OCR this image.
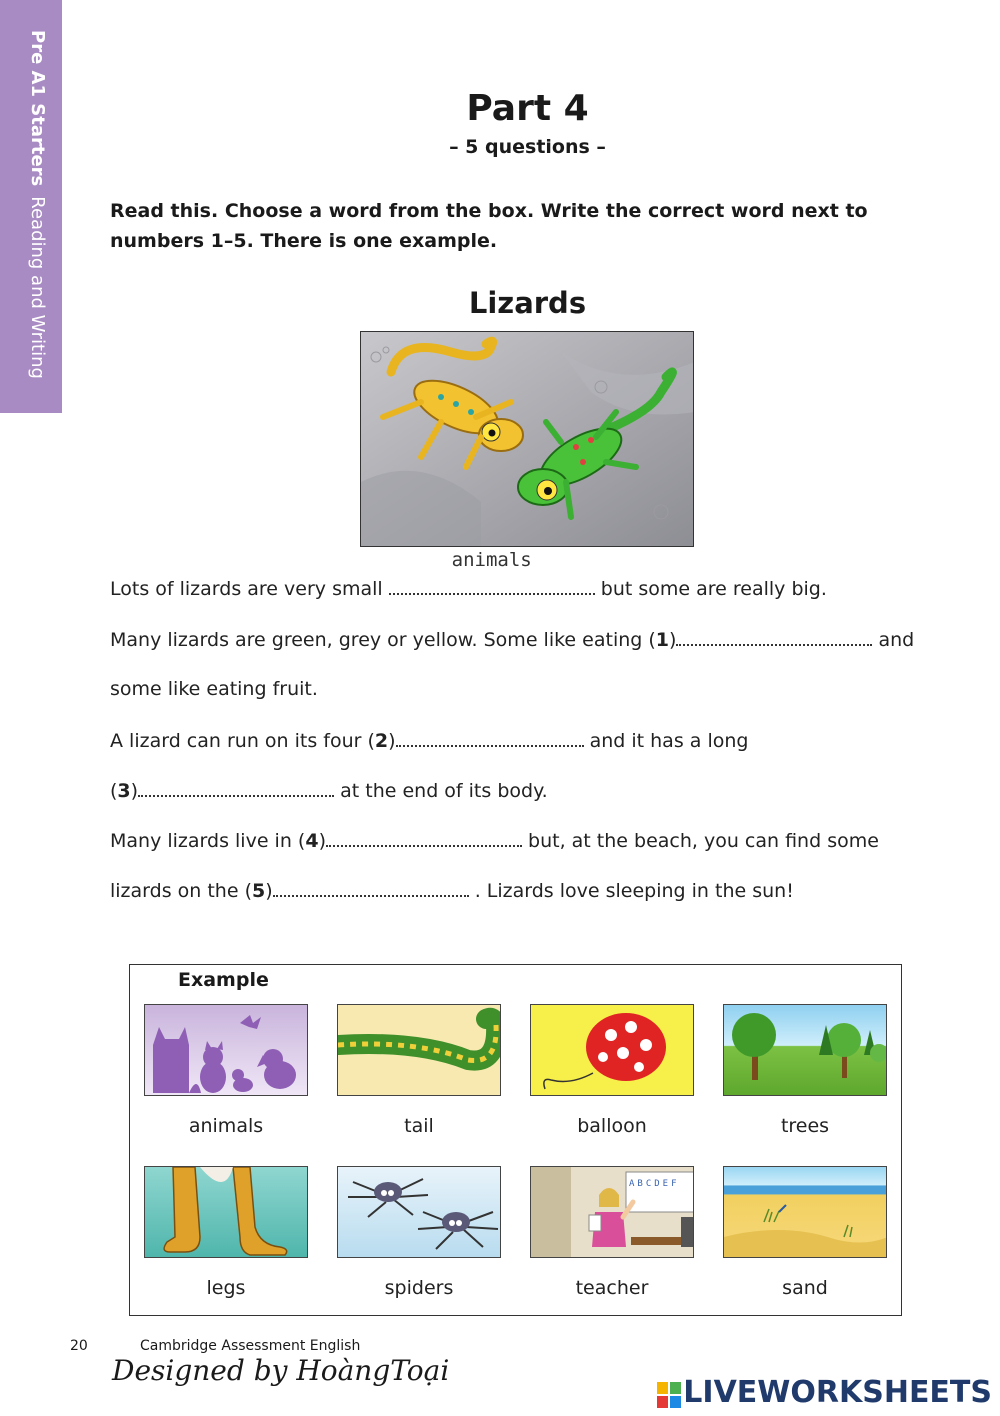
Pre A1 StartersReading and Writing
Part 4
– 5 questions –
Read this. Choose a word from the box. Write the correct word next to numbers 1–5. There is one example.
Lizards
Lots of lizards are very small
animals
but some are really big.
Many lizards are green, grey or yellow. Some like eating (1)	and
some like eating fruit.
A lizard can run on its four (2)	and it has a long
(3)	at the end of its body.
Many lizards live in (4)	but, at the beach, you can find some
lizards on the (5)	. Lizards love sleeping in the sun!
Example
animals	tail	balloon	trees
ABCDEF
legs	spiders	teacher	sand
20	Cambridge Assessment English
Designed by HoàngToại
LIVEWORKSHEETS
